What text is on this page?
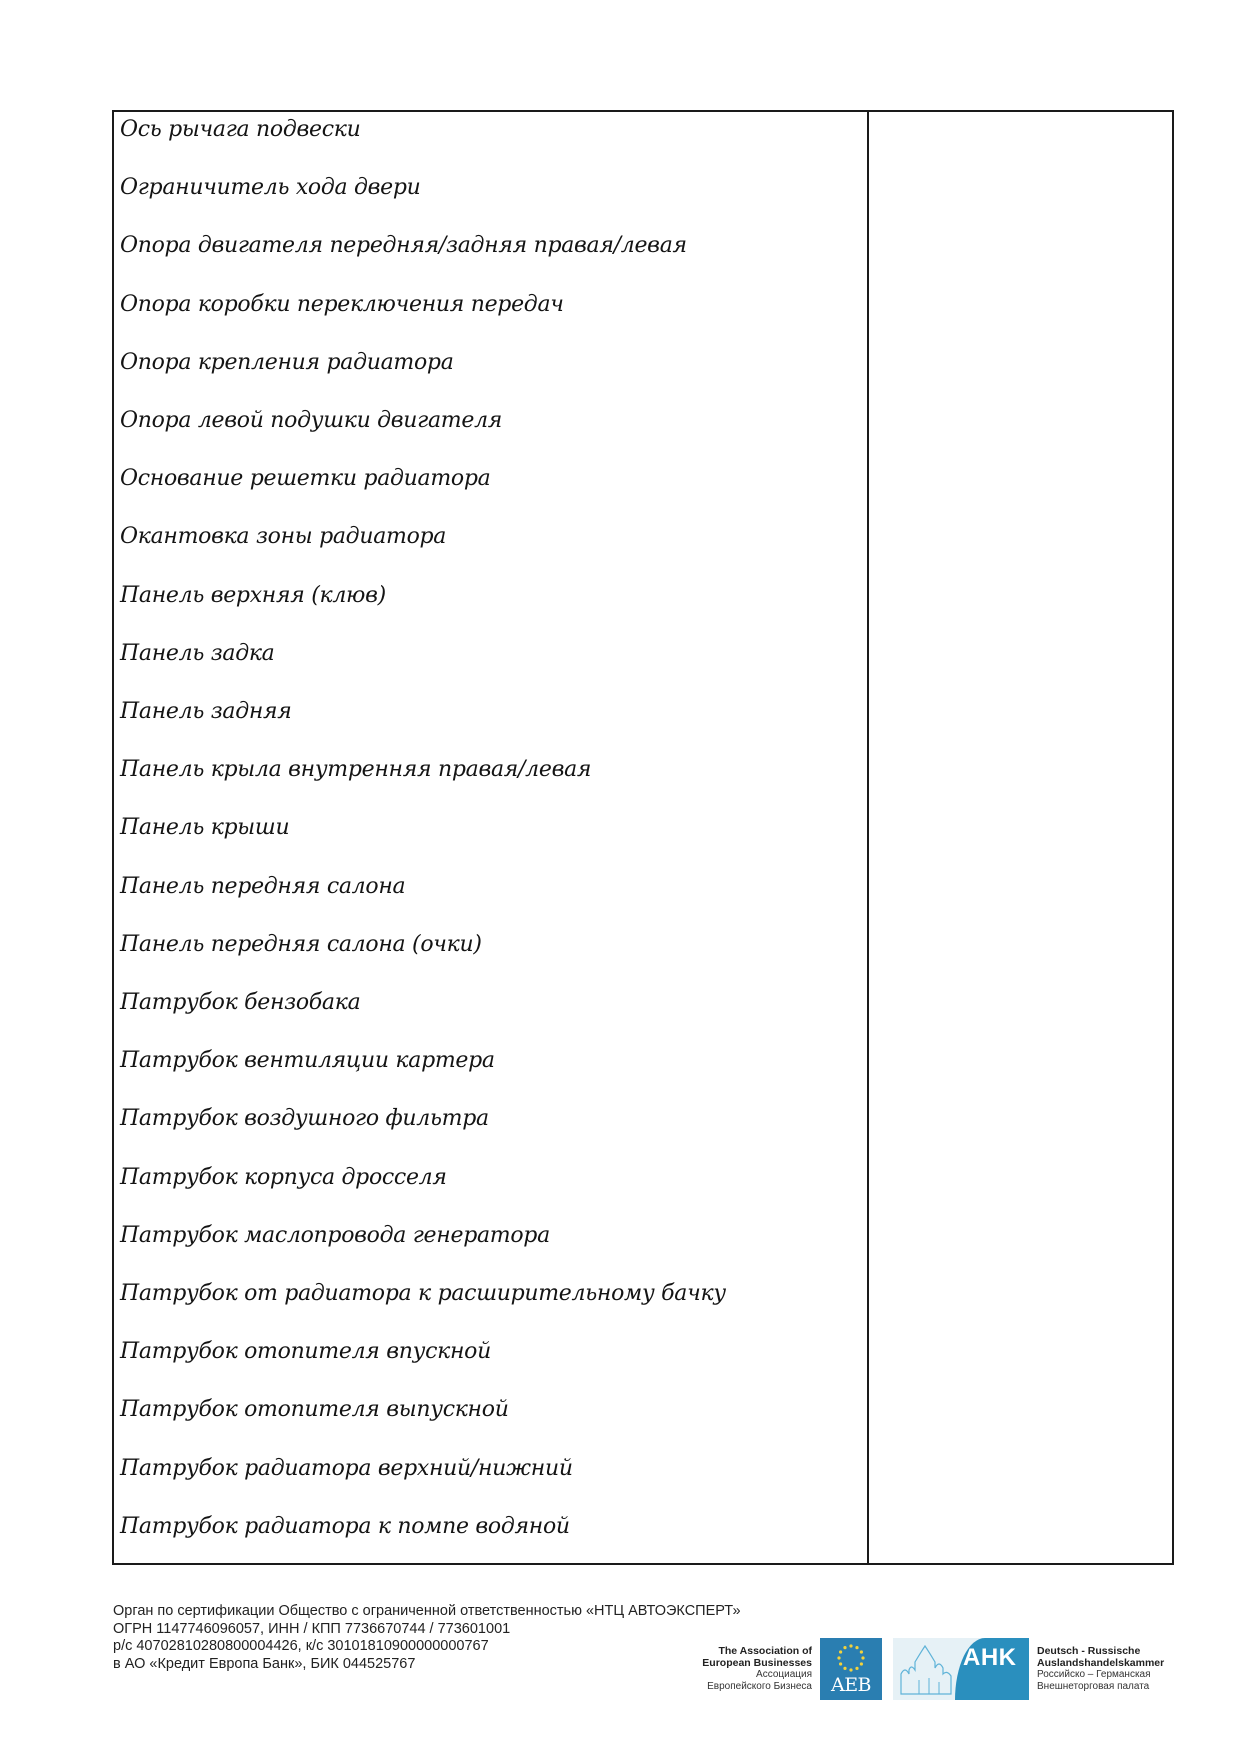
Ось рычага подвески
Ограничитель хода двери
Опора двигателя передняя/задняя правая/левая
Опора коробки переключения передач
Опора крепления радиатора
Опора левой подушки двигателя
Основание решетки радиатора
Окантовка зоны радиатора
Панель верхняя (клюв)
Панель задка
Панель задняя
Панель крыла внутренняя правая/левая
Панель крыши
Панель передняя салона
Панель передняя салона (очки)
Патрубок бензобака
Патрубок вентиляции картера
Патрубок воздушного фильтра
Патрубок корпуса дросселя
Патрубок маслопровода генератора
Патрубок от радиатора к расширительному бачку
Патрубок отопителя впускной
Патрубок отопителя выпускной
Патрубок радиатора верхний/нижний
Патрубок радиатора к помпе водяной
Орган по сертификации Общество с ограниченной ответственностью «НТЦ АВТОЭКСПЕРТ»
ОГРН 1147746096057, ИНН / КПП 7736670744 / 773601001
р/с 40702810280800004426, к/с 30101810900000000767
в АО «Кредит Европа Банк», БИК 044525767
The Association of
European Businesses
Ассоциация
Европейского Бизнеса AEB
AHK Deutsch - Russische
Auslandshandelskammer
Российско – Германская
Внешнеторговая палата
